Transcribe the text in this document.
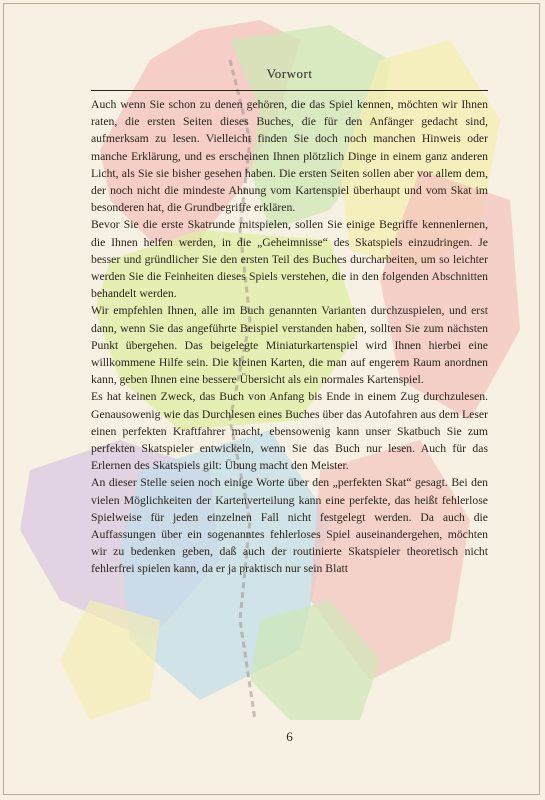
Vorwort

Auch wenn Sie schon zu denen gehören, die das Spiel kennen, möchten wir Ihnen raten, die ersten Seiten dieses Buches, die für den Anfänger gedacht sind, aufmerksam zu lesen. Vielleicht finden Sie doch noch manchen Hinweis oder manche Erklärung, und es erscheinen Ihnen plötzlich Dinge in einem ganz anderen Licht, als Sie sie bisher gesehen haben. Die ersten Seiten sollen aber vor allem dem, der noch nicht die mindeste Ahnung vom Kartenspiel überhaupt und vom Skat im besonderen hat, die Grundbegriffe erklären.

Bevor Sie die erste Skatrunde mitspielen, sollen Sie einige Begriffe kennenlernen, die Ihnen helfen werden, in die „Geheimnisse“ des Skatspiels einzudringen. Je besser und gründlicher Sie den ersten Teil des Buches durcharbeiten, um so leichter werden Sie die Feinheiten dieses Spiels verstehen, die in den folgenden Abschnitten behandelt werden.

Wir empfehlen Ihnen, alle im Buch genannten Varianten durchzuspielen, und erst dann, wenn Sie das angeführte Beispiel verstanden haben, sollten Sie zum nächsten Punkt übergehen. Das beigelegte Miniaturkartenspiel wird Ihnen hierbei eine willkommene Hilfe sein. Die kleinen Karten, die man auf engerem Raum anordnen kann, geben Ihnen eine bessere Übersicht als ein normales Kartenspiel.

Es hat keinen Zweck, das Buch von Anfang bis Ende in einem Zug durchzulesen. Genausowenig wie das Durchlesen eines Buches über das Autofahren aus dem Leser einen perfekten Kraftfahrer macht, ebensowenig kann unser Skatbuch Sie zum perfekten Skatspieler entwickeln, wenn Sie das Buch nur lesen. Auch für das Erlernen des Skatspiels gilt: Übung macht den Meister.

An dieser Stelle seien noch einige Worte über den „perfekten Skat“ gesagt. Bei den vielen Möglichkeiten der Kartenverteilung kann eine perfekte, das heißt fehlerlose Spielweise für jeden einzelnen Fall nicht festgelegt werden. Da auch die Auffassungen über ein sogenanntes fehlerloses Spiel auseinandergehen, möchten wir zu bedenken geben, daß auch der routinierte Skatspieler theoretisch nicht fehlerfrei spielen kann, da er ja praktisch nur sein Blatt

6
